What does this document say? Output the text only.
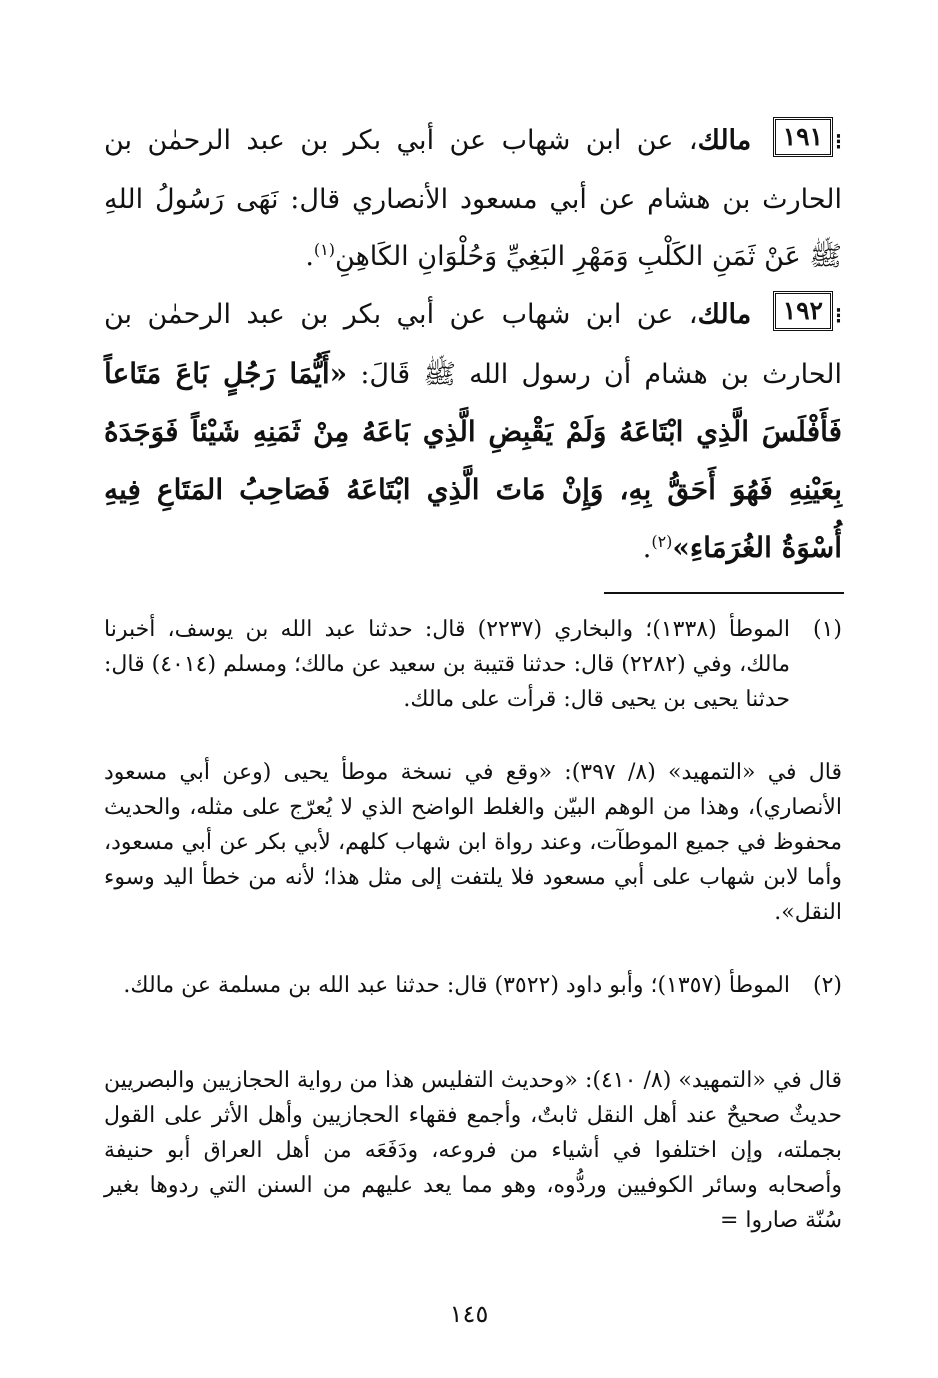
⁝١٩١ مالك، عن ابن شهاب عن أبي بكر بن عبد الرحمٰن بن الحارث بن هشام عن أبي مسعود الأنصاري قال: نَهَى رَسُولُ اللهِ ﷺ عَنْ ثَمَنِ الكَلْبِ وَمَهْرِ البَغِيِّ وَحُلْوَانِ الكَاهِنِ$^{(١)}$.
⁝١٩٢ مالك، عن ابن شهاب عن أبي بكر بن عبد الرحمٰن بن الحارث بن هشام أن رسول الله ﷺ قَالَ: «أَيُّمَا رَجُلٍ بَاعَ مَتَاعاً فَأَفْلَسَ الَّذِي ابْتَاعَهُ وَلَمْ يَقْبِضِ الَّذِي بَاعَهُ مِنْ ثَمَنِهِ شَيْئاً فَوَجَدَهُ بِعَيْنِهِ فَهُوَ أَحَقُّ بِهِ، وَإِنْ مَاتَ الَّذِي ابْتَاعَهُ فَصَاحِبُ المَتَاعِ فِيهِ أُسْوَةُ الغُرَمَاءِ»$^{(٢)}$.
(١)

الموطأ (١٣٣٨)؛ والبخاري (٢٢٣٧) قال: حدثنا عبد الله بن يوسف، أخبرنا مالك، وفي (٢٢٨٢) قال: حدثنا قتيبة بن سعيد عن مالك؛ ومسلم (٤٠١٤) قال: حدثنا يحيى بن يحيى قال: قرأت على مالك.

قال في «التمهيد» (٨/ ٣٩٧): «وقع في نسخة موطأ يحيى (وعن أبي مسعود الأنصاري)، وهذا من الوهم البيّن والغلط الواضح الذي لا يُعرّج على مثله، والحديث محفوظ في جميع الموطآت، وعند رواة ابن شهاب كلهم، لأبي بكر عن أبي مسعود، وأما لابن شهاب على أبي مسعود فلا يلتفت إلى مثل هذا؛ لأنه من خطأ اليد وسوء النقل».

(٢)

الموطأ (١٣٥٧)؛ وأبو داود (٣٥٢٢) قال: حدثنا عبد الله بن مسلمة عن مالك.

قال في «التمهيد» (٨/ ٤١٠): «وحديث التفليس هذا من رواية الحجازيين والبصريين حديثٌ صحيحٌ عند أهل النقل ثابتٌ، وأجمع فقهاء الحجازيين وأهل الأثر على القول بجملته، وإن اختلفوا في أشياء من فروعه، ودَفَعَه من أهل العراق أبو حنيفة وأصحابه وسائر الكوفيين وردُّوه، وهو مما يعد عليهم من السنن التي ردوها بغير سُنّة صاروا =

١٤٥
